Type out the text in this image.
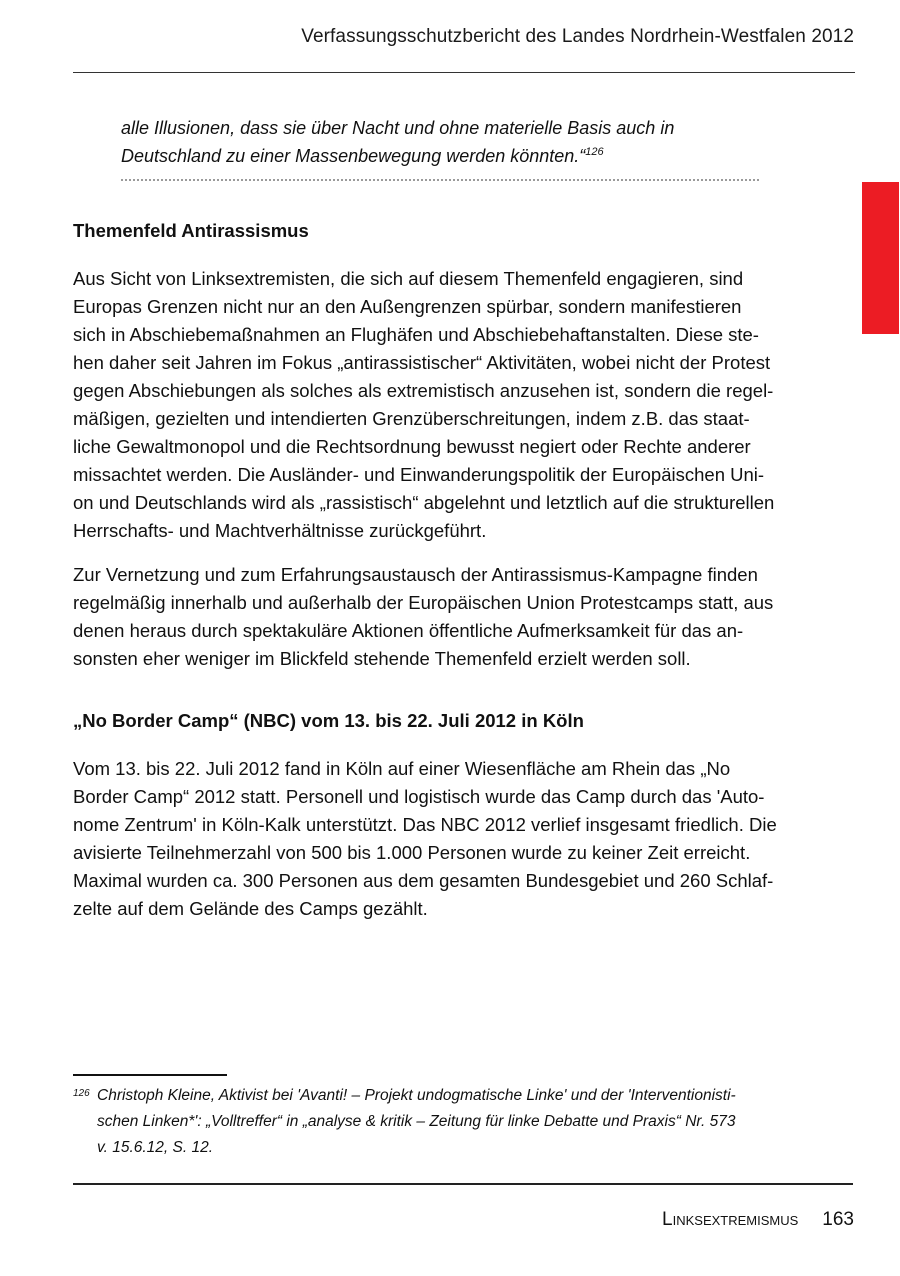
Verfassungsschutzbericht des Landes Nordrhein-Westfalen 2012
alle Illusionen, dass sie über Nacht und ohne materielle Basis auch in
Deutschland zu einer Massenbewegung werden könnten.“$^{126}$
Themenfeld Antirassismus
Aus Sicht von Linksextremisten, die sich auf diesem Themenfeld engagieren, sind
Europas Grenzen nicht nur an den Außengrenzen spürbar, sondern manifestieren
sich in Abschiebemaßnahmen an Flughäfen und Abschiebehaftanstalten. Diese ste-
hen daher seit Jahren im Fokus „antirassistischer“ Aktivitäten, wobei nicht der Protest
gegen Abschiebungen als solches als extremistisch anzusehen ist, sondern die regel-
mäßigen, gezielten und intendierten Grenzüberschreitungen, indem z.B. das staat-
liche Gewaltmonopol und die Rechtsordnung bewusst negiert oder Rechte anderer
missachtet werden. Die Ausländer- und Einwanderungspolitik der Europäischen Uni-
on und Deutschlands wird als „rassistisch“ abgelehnt und letztlich auf die strukturellen
Herrschafts- und Machtverhältnisse zurückgeführt.
Zur Vernetzung und zum Erfahrungsaustausch der Antirassismus-Kampagne finden
regelmäßig innerhalb und außerhalb der Europäischen Union Protestcamps statt, aus
denen heraus durch spektakuläre Aktionen öffentliche Aufmerksamkeit für das an-
sonsten eher weniger im Blickfeld stehende Themenfeld erzielt werden soll.
„No Border Camp“ (NBC) vom 13. bis 22. Juli 2012 in Köln
Vom 13. bis 22. Juli 2012 fand in Köln auf einer Wiesenfläche am Rhein das „No
Border Camp“ 2012 statt. Personell und logistisch wurde das Camp durch das 'Auto-
nome Zentrum' in Köln-Kalk unterstützt. Das NBC 2012 verlief insgesamt friedlich. Die
avisierte Teilnehmerzahl von 500 bis 1.000 Personen wurde zu keiner Zeit erreicht.
Maximal wurden ca. 300 Personen aus dem gesamten Bundesgebiet und 260 Schlaf-
zelte auf dem Gelände des Camps gezählt.
126 Christoph Kleine, Aktivist bei 'Avanti! – Projekt undogmatische Linke' und der 'Interventionisti-
schen Linken*': „Volltreffer“ in „analyse & kritik – Zeitung für linke Debatte und Praxis“ Nr. 573
v. 15.6.12, S. 12.
Linksextremismus 163
